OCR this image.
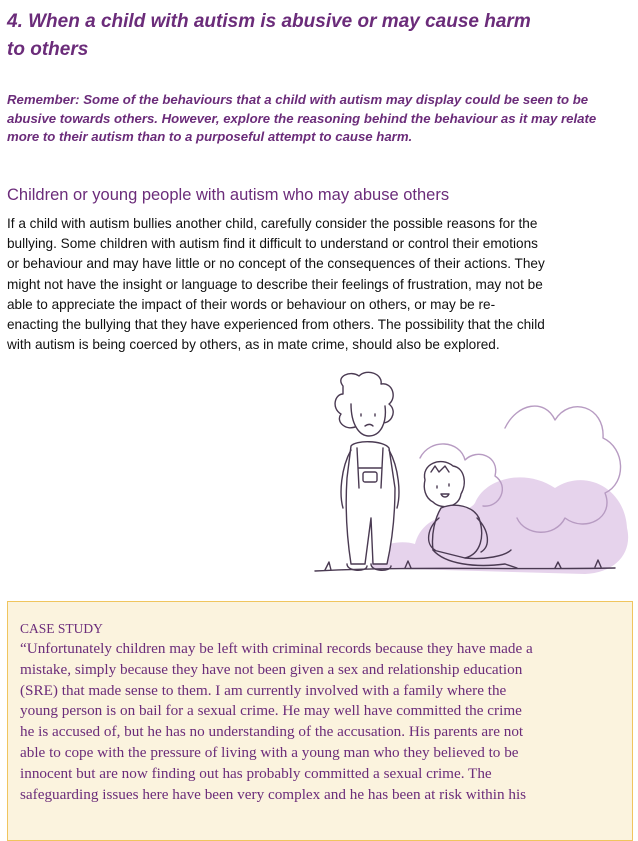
4. When a child with autism is abusive or may cause harm
to others
Remember: Some of the behaviours that a child with autism may display could be seen to be abusive towards others. However, explore the reasoning behind the behaviour as it may relate more to their autism than to a purposeful attempt to cause harm.
Children or young people with autism who may abuse others
If a child with autism bullies another child, carefully consider the possible reasons for the
bullying. Some children with autism find it difficult to understand or control their emotions
or behaviour and may have little or no concept of the consequences of their actions. They
might not have the insight or language to describe their feelings of frustration, may not be
able to appreciate the impact of their words or behaviour on others, or may be re-
enacting the bullying that they have experienced from others. The possibility that the child
with autism is being coerced by others, as in mate crime, should also be explored.
CASE STUDY
“Unfortunately children may be left with criminal records because they have made a
mistake, simply because they have not been given a sex and relationship education
(SRE) that made sense to them. I am currently involved with a family where the
young person is on bail for a sexual crime. He may well have committed the crime
he is accused of, but he has no understanding of the accusation. His parents are not
able to cope with the pressure of living with a young man who they believed to be
innocent but are now finding out has probably committed a sexual crime. The
safeguarding issues here have been very complex and he has been at risk within his
